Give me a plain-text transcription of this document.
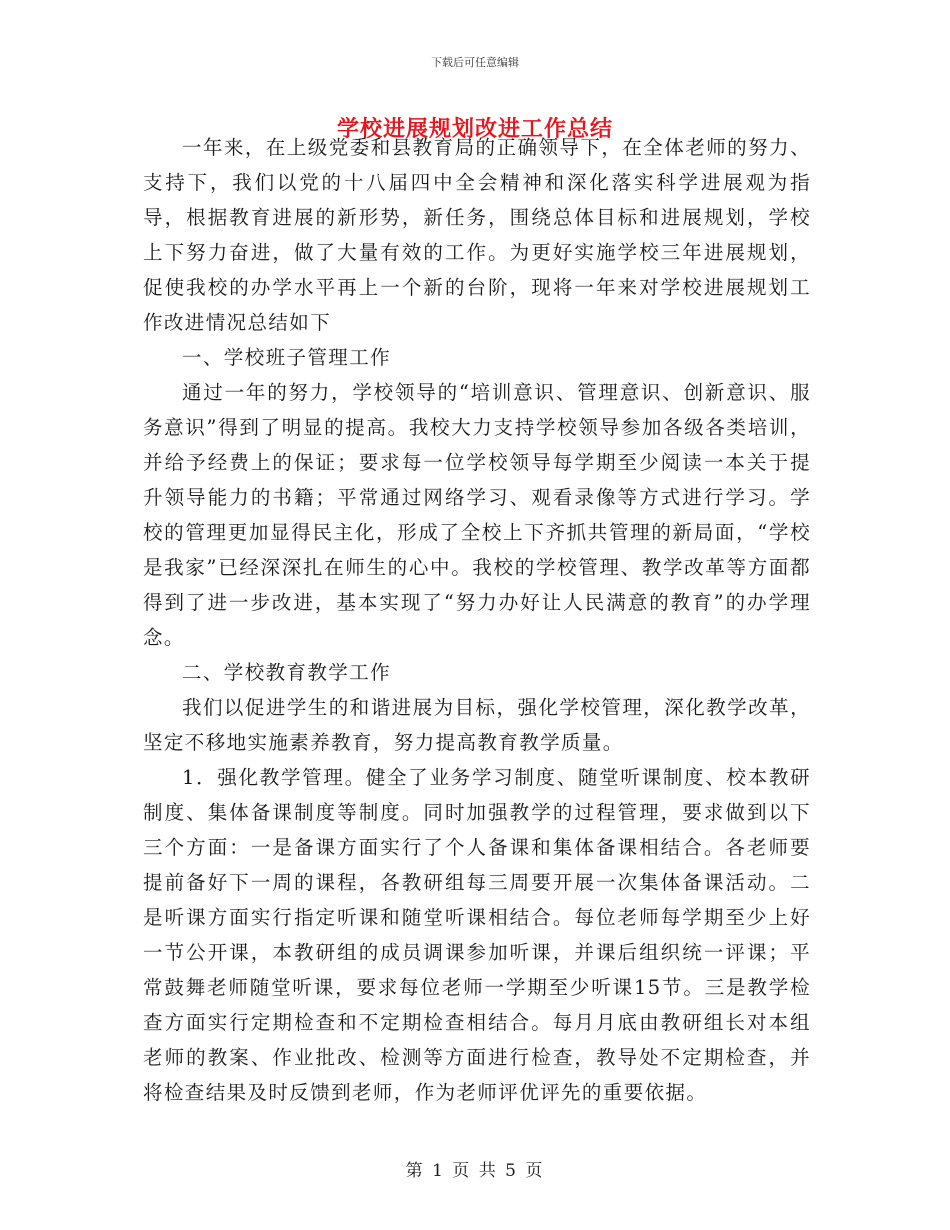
下载后可任意编辑
学校进展规划改进工作总结

一年来，在上级党委和县教育局的正确领导下，在全体老师的努力、支持下，我们以党的十八届四中全会精神和深化落实科学进展观为指导，根据教育进展的新形势，新任务，围绕总体目标和进展规划，学校上下努力奋进，做了大量有效的工作。为更好实施学校三年进展规划，促使我校的办学水平再上一个新的台阶，现将一年来对学校进展规划工作改进情况总结如下

一、学校班子管理工作

通过一年的努力，学校领导的“培训意识、管理意识、创新意识、服务意识”得到了明显的提高。我校大力支持学校领导参加各级各类培训，并给予经费上的保证；要求每一位学校领导每学期至少阅读一本关于提升领导能力的书籍；平常通过网络学习、观看录像等方式进行学习。学校的管理更加显得民主化，形成了全校上下齐抓共管理的新局面，“学校是我家”已经深深扎在师生的心中。我校的学校管理、教学改革等方面都得到了进一步改进，基本实现了“努力办好让人民满意的教育”的办学理念。

二、学校教育教学工作

我们以促进学生的和谐进展为目标，强化学校管理，深化教学改革，坚定不移地实施素养教育，努力提高教育教学质量。

1．强化教学管理。健全了业务学习制度、随堂听课制度、校本教研制度、集体备课制度等制度。同时加强教学的过程管理，要求做到以下三个方面：一是备课方面实行了个人备课和集体备课相结合。各老师要提前备好下一周的课程，各教研组每三周要开展一次集体备课活动。二是听课方面实行指定听课和随堂听课相结合。每位老师每学期至少上好一节公开课，本教研组的成员调课参加听课，并课后组织统一评课；平常鼓舞老师随堂听课，要求每位老师一学期至少听课15节。三是教学检查方面实行定期检查和不定期检查相结合。每月月底由教研组长对本组老师的教案、作业批改、检测等方面进行检查，教导处不定期检查，并将检查结果及时反馈到老师，作为老师评优评先的重要依据。

第 1 页 共 5 页
